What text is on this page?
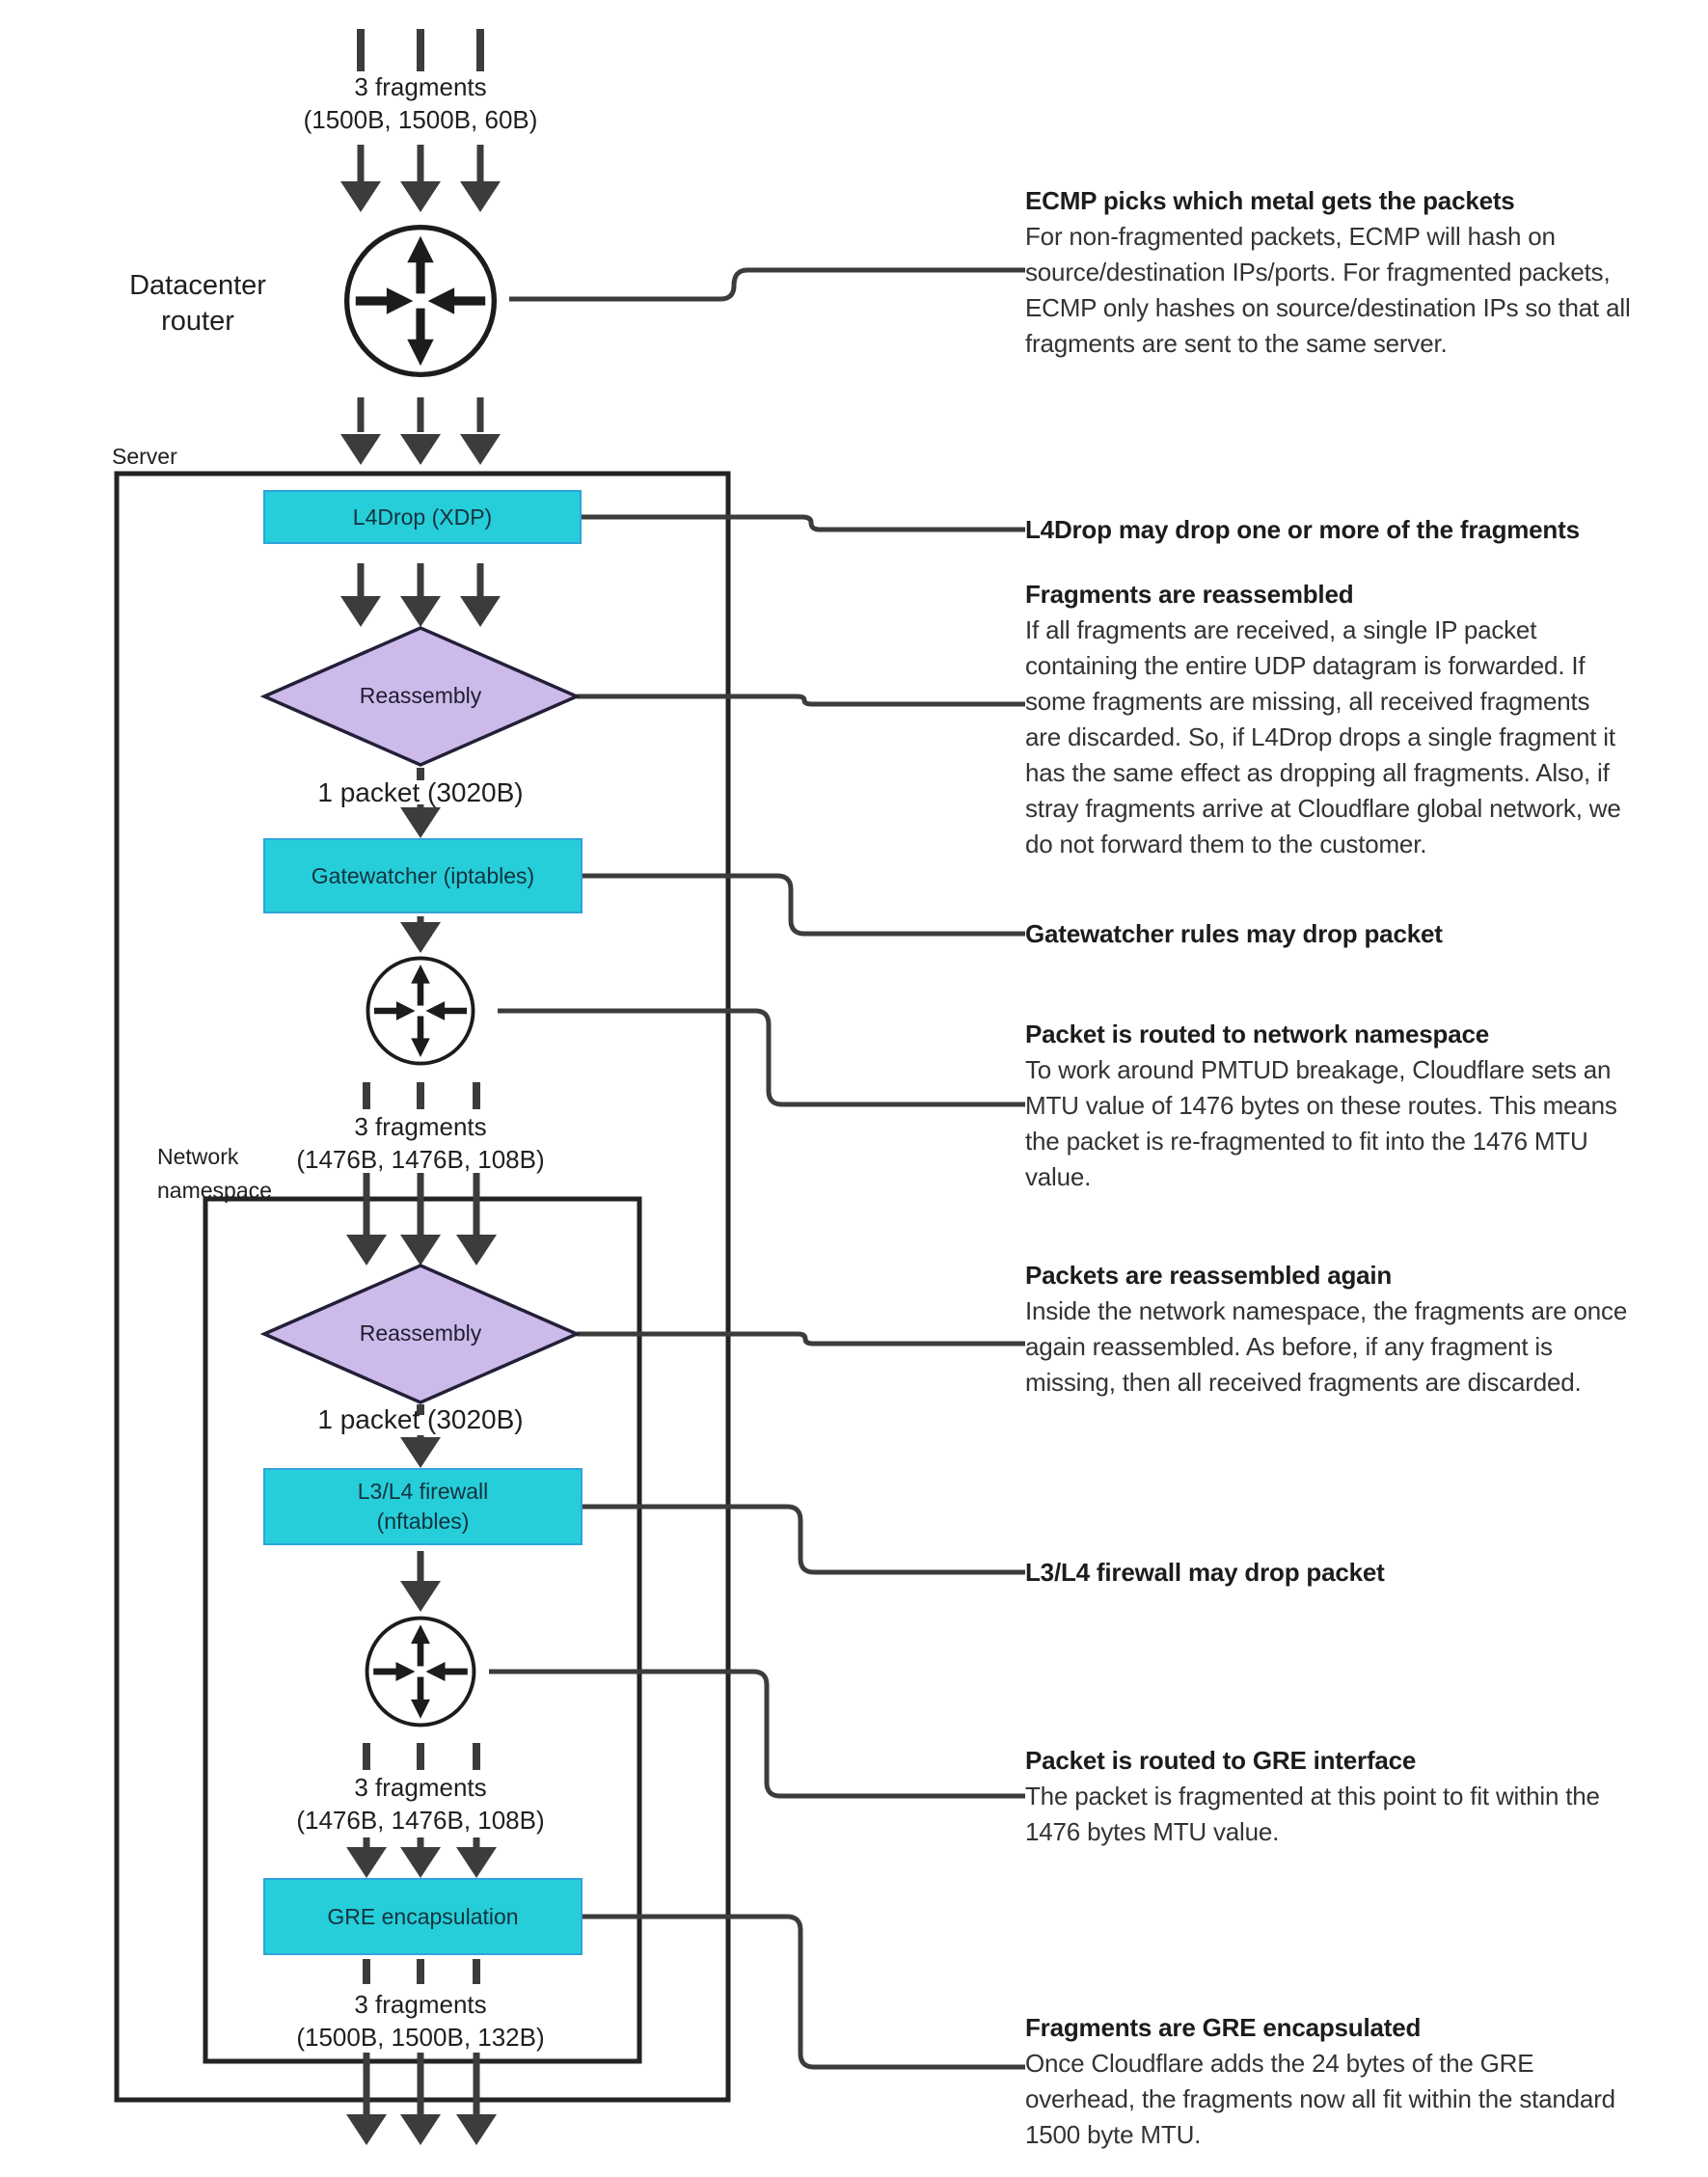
3 fragments
(1500B, 1500B, 60B)
Datacenter
router
Server
L4Drop (XDP)
Reassembly
1 packet (3020B)
Gatewatcher (iptables)
3 fragments
(1476B, 1476B, 108B)
Network
namespace
Reassembly
1 packet (3020B)
L3/L4 firewall
(nftables)
3 fragments
(1476B, 1476B, 108B)
GRE encapsulation
3 fragments
(1500B, 1500B, 132B)
ECMP picks which metal gets the packets
For non-fragmented packets, ECMP will hash on
source/destination IPs/ports. For fragmented packets,
ECMP only hashes on source/destination IPs so that all
fragments are sent to the same server.
L4Drop may drop one or more of the fragments
Fragments are reassembled
If all fragments are received, a single IP packet
containing the entire UDP datagram is forwarded. If
some fragments are missing, all received fragments
are discarded. So, if L4Drop drops a single fragment it
has the same effect as dropping all fragments. Also, if
stray fragments arrive at Cloudflare global network, we
do not forward them to the customer.
Gatewatcher rules may drop packet
Packet is routed to network namespace
To work around PMTUD breakage, Cloudflare sets an
MTU value of 1476 bytes on these routes. This means
the packet is re-fragmented to fit into the 1476 MTU
value.
Packets are reassembled again
Inside the network namespace, the fragments are once
again reassembled. As before, if any fragment is
missing, then all received fragments are discarded.
L3/L4 firewall may drop packet
Packet is routed to GRE interface
The packet is fragmented at this point to fit within the
1476 bytes MTU value.
Fragments are GRE encapsulated
Once Cloudflare adds the 24 bytes of the GRE
overhead, the fragments now all fit within the standard
1500 byte MTU.
